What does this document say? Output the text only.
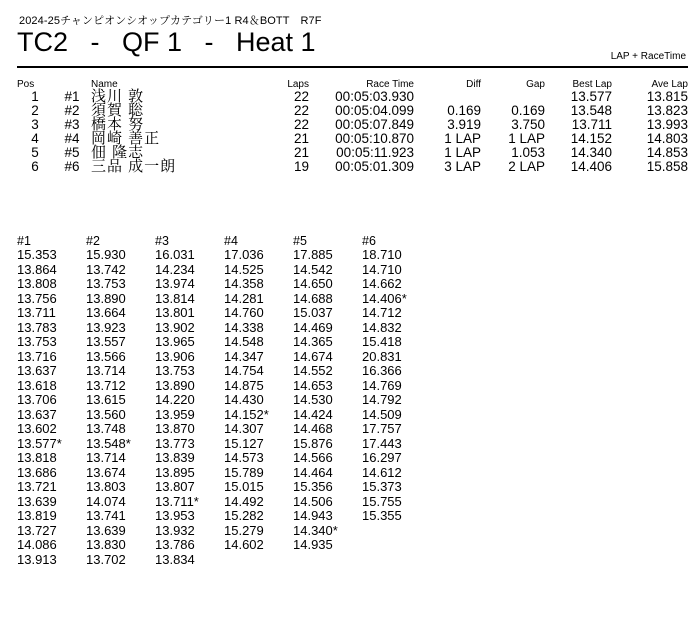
2024-25チャンピオンシオップカテゴリー1 R4＆BOTT　R7F
TC2   -   QF 1   -   Heat 1	LAP + RaceTime
Pos		Name	Laps	Race Time	Diff	Gap	Best Lap	Ave Lap
1	#1	浅川 敦	22	00:05:03.930			13.577	13.815
2	#2	須賀 聡	22	00:05:04.099	0.169	0.169	13.548	13.823
3	#3	橋本 努	22	00:05:07.849	3.919	3.750	13.711	13.993
4	#4	岡崎 善正	21	00:05:10.870	1 LAP	1 LAP	14.152	14.803
5	#5	佃 隆志	21	00:05:11.923	1 LAP	1.053	14.340	14.853
6	#6	三品 成一朗	19	00:05:01.309	3 LAP	2 LAP	14.406	15.858
#1	#2	#3	#4	#5	#6
15.353	15.930	16.031	17.036	17.885	18.710
13.864	13.742	14.234	14.525	14.542	14.710
13.808	13.753	13.974	14.358	14.650	14.662
13.756	13.890	13.814	14.281	14.688	14.406*
13.711	13.664	13.801	14.760	15.037	14.712
13.783	13.923	13.902	14.338	14.469	14.832
13.753	13.557	13.965	14.548	14.365	15.418
13.716	13.566	13.906	14.347	14.674	20.831
13.637	13.714	13.753	14.754	14.552	16.366
13.618	13.712	13.890	14.875	14.653	14.769
13.706	13.615	14.220	14.430	14.530	14.792
13.637	13.560	13.959	14.152*	14.424	14.509
13.602	13.748	13.870	14.307	14.468	17.757
13.577*	13.548*	13.773	15.127	15.876	17.443
13.818	13.714	13.839	14.573	14.566	16.297
13.686	13.674	13.895	15.789	14.464	14.612
13.721	13.803	13.807	15.015	15.356	15.373
13.639	14.074	13.711*	14.492	14.506	15.755
13.819	13.741	13.953	15.282	14.943	15.355
13.727	13.639	13.932	15.279	14.340*	
14.086	13.830	13.786	14.602	14.935	
13.913	13.702	13.834			
